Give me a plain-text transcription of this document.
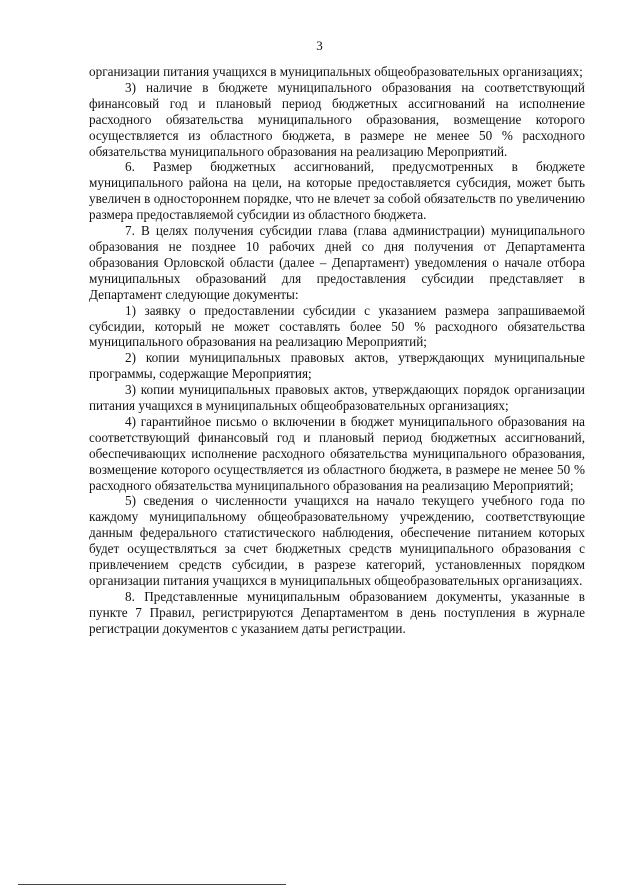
3

организации питания учащихся в муниципальных общеобразовательных организациях;

3) наличие в бюджете муниципального образования на соответствующий финансовый год и плановый период бюджетных ассигнований на исполнение расходного обязательства муниципального образования, возмещение которого осуществляется из областного бюджета, в размере не менее 50 % расходного обязательства муниципального образования на реализацию Мероприятий.

6. Размер бюджетных ассигнований, предусмотренных в бюджете муниципального района на цели, на которые предоставляется субсидия, может быть увеличен в одностороннем порядке, что не влечет за собой обязательств по увеличению размера предоставляемой субсидии из областного бюджета.

7. В целях получения субсидии глава (глава администрации) муниципального образования не позднее 10 рабочих дней со дня получения от Департамента образования Орловской области (далее – Департамент) уведомления о начале отбора муниципальных образований для предоставления субсидии представляет в Департамент следующие документы:

1) заявку о предоставлении субсидии с указанием размера запрашиваемой субсидии, который не может составлять более 50 % расходного обязательства муниципального образования на реализацию Мероприятий;

2) копии муниципальных правовых актов, утверждающих муниципальные программы, содержащие Мероприятия;

3) копии муниципальных правовых актов, утверждающих порядок организации питания учащихся в муниципальных общеобразовательных организациях;

4) гарантийное письмо о включении в бюджет муниципального образования на соответствующий финансовый год и плановый период бюджетных ассигнований, обеспечивающих исполнение расходного обязательства муниципального образования, возмещение которого осуществляется из областного бюджета, в размере не менее 50 % расходного обязательства муниципального образования на реализацию Мероприятий;

5) сведения о численности учащихся на начало текущего учебного года по каждому муниципальному общеобразовательному учреждению, соответствующие данным федерального статистического наблюдения, обеспечение питанием которых будет осуществляться за счет бюджетных средств муниципального образования с привлечением средств субсидии, в разрезе категорий, установленных порядком организации питания учащихся в муниципальных общеобразовательных организациях.

8. Представленные муниципальным образованием документы, указанные в пункте 7 Правил, регистрируются Департаментом в день поступления в журнале регистрации документов с указанием даты регистрации.
